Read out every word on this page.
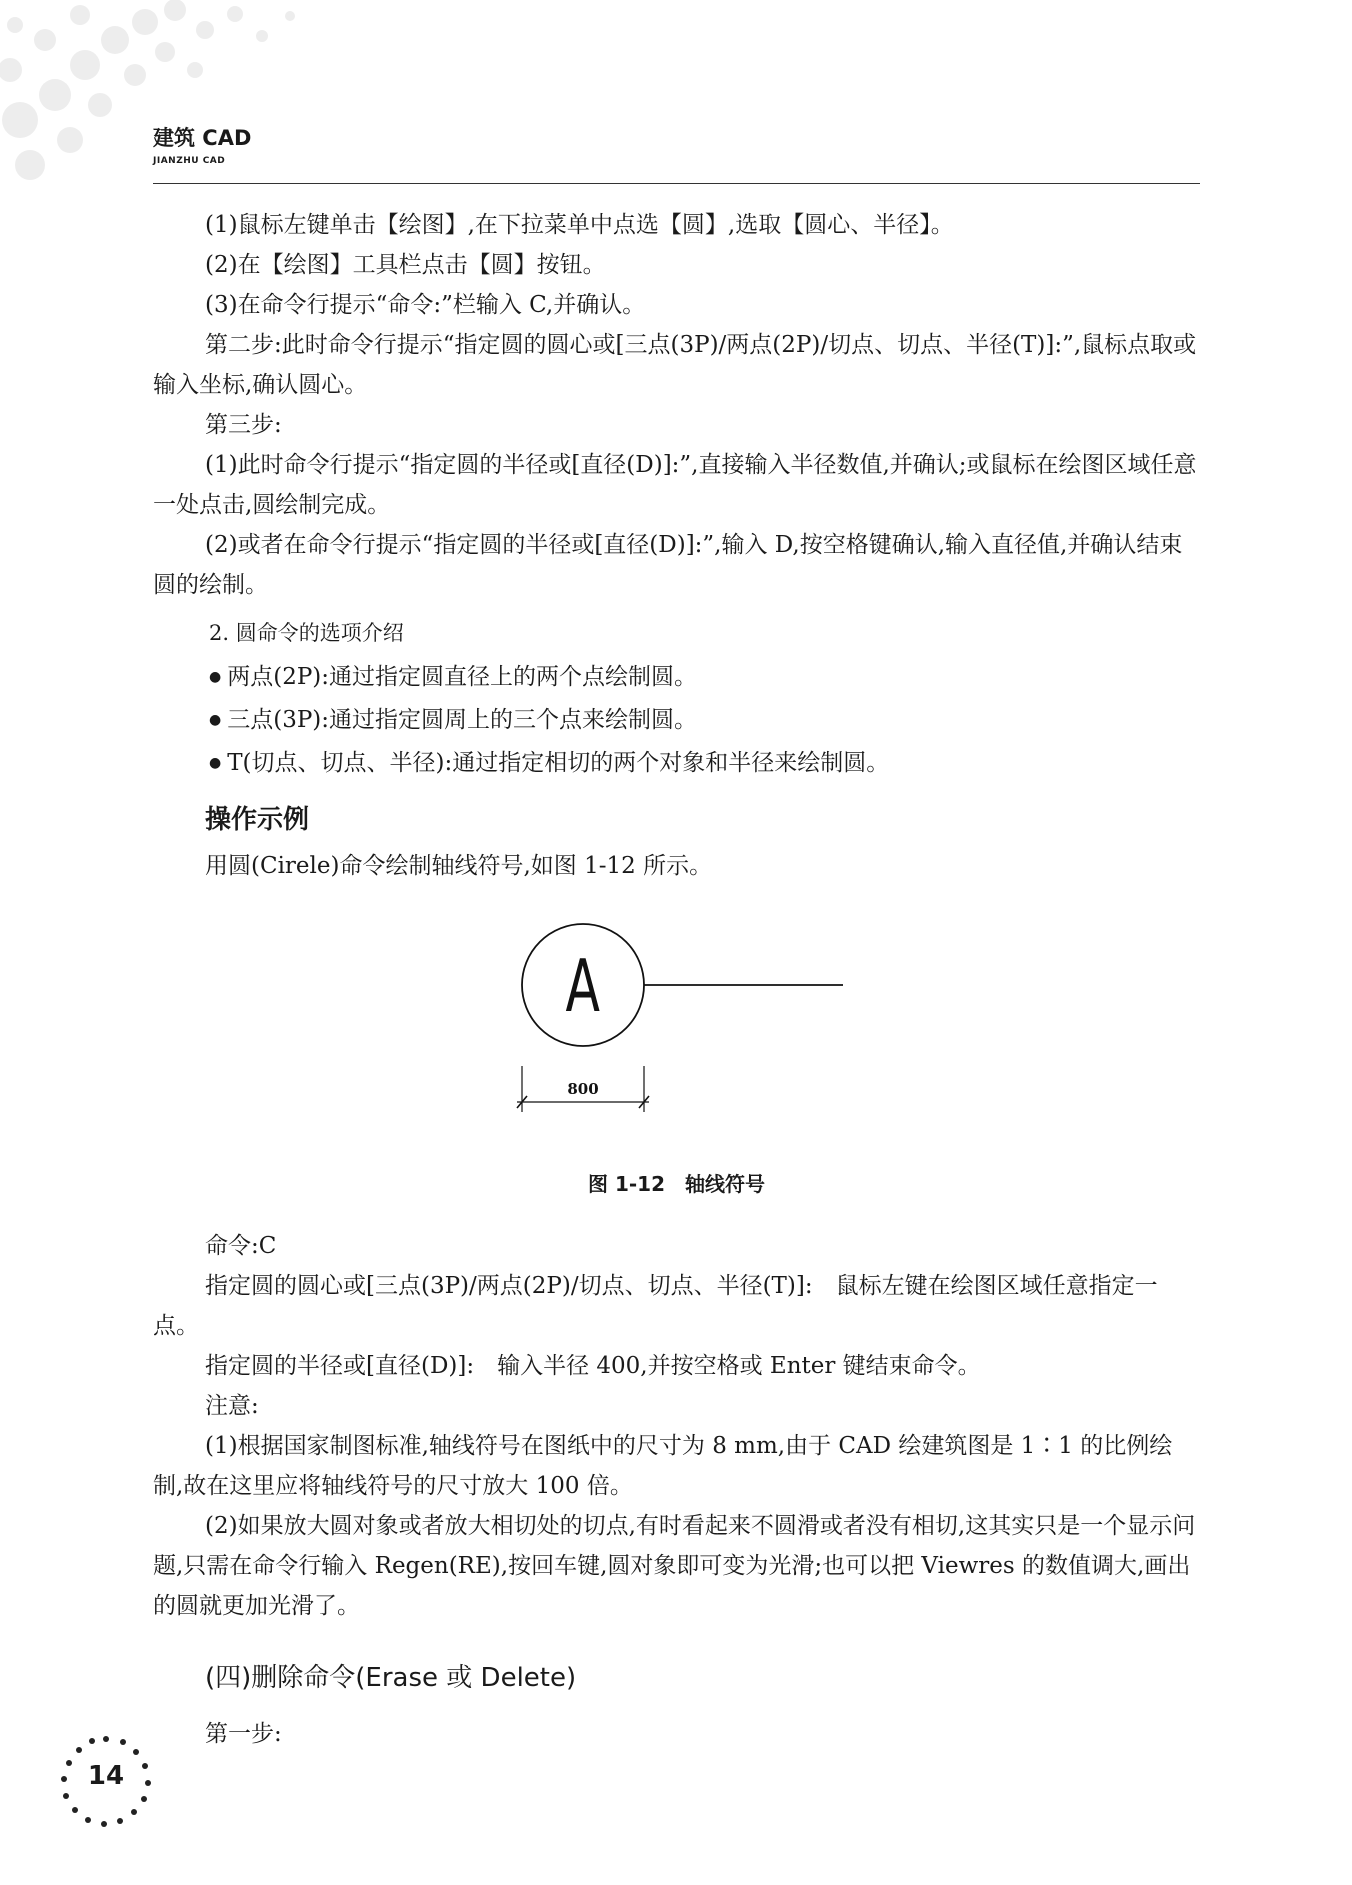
建筑 CAD
JIANZHU CAD

(1)鼠标左键单击【绘图】,在下拉菜单中点选【圆】,选取【圆心、半径】。

(2)在【绘图】工具栏点击【圆】按钮。

(3)在命令行提示“命令:”栏输入 C,并确认。

第二步:此时命令行提示“指定圆的圆心或[三点(3P)/两点(2P)/切点、切点、半径(T)]:”,鼠标点取或输入坐标,确认圆心。

第三步:

(1)此时命令行提示“指定圆的半径或[直径(D)]:”,直接输入半径数值,并确认;或鼠标在绘图区域任意一处点击,圆绘制完成。

(2)或者在命令行提示“指定圆的半径或[直径(D)]:”,输入 D,按空格键确认,输入直径值,并确认结束圆的绘制。

2. 圆命令的选项介绍

● 两点(2P):通过指定圆直径上的两个点绘制圆。

● 三点(3P):通过指定圆周上的三个点来绘制圆。

● T(切点、切点、半径):通过指定相切的两个对象和半径来绘制圆。

操作示例

用圆(Cirele)命令绘制轴线符号,如图 1-12 所示。

A
800
图 1-12　轴线符号

命令:C

指定圆的圆心或[三点(3P)/两点(2P)/切点、切点、半径(T)]:　鼠标左键在绘图区域任意指定一点。

指定圆的半径或[直径(D)]:　输入半径 400,并按空格或 Enter 键结束命令。

注意:

(1)根据国家制图标准,轴线符号在图纸中的尺寸为 8 mm,由于 CAD 绘建筑图是 1∶1 的比例绘制,故在这里应将轴线符号的尺寸放大 100 倍。

(2)如果放大圆对象或者放大相切处的切点,有时看起来不圆滑或者没有相切,这其实只是一个显示问题,只需在命令行输入 Regen(RE),按回车键,圆对象即可变为光滑;也可以把 Viewres 的数值调大,画出的圆就更加光滑了。

(四)删除命令(Erase 或 Delete)

第一步:

14
